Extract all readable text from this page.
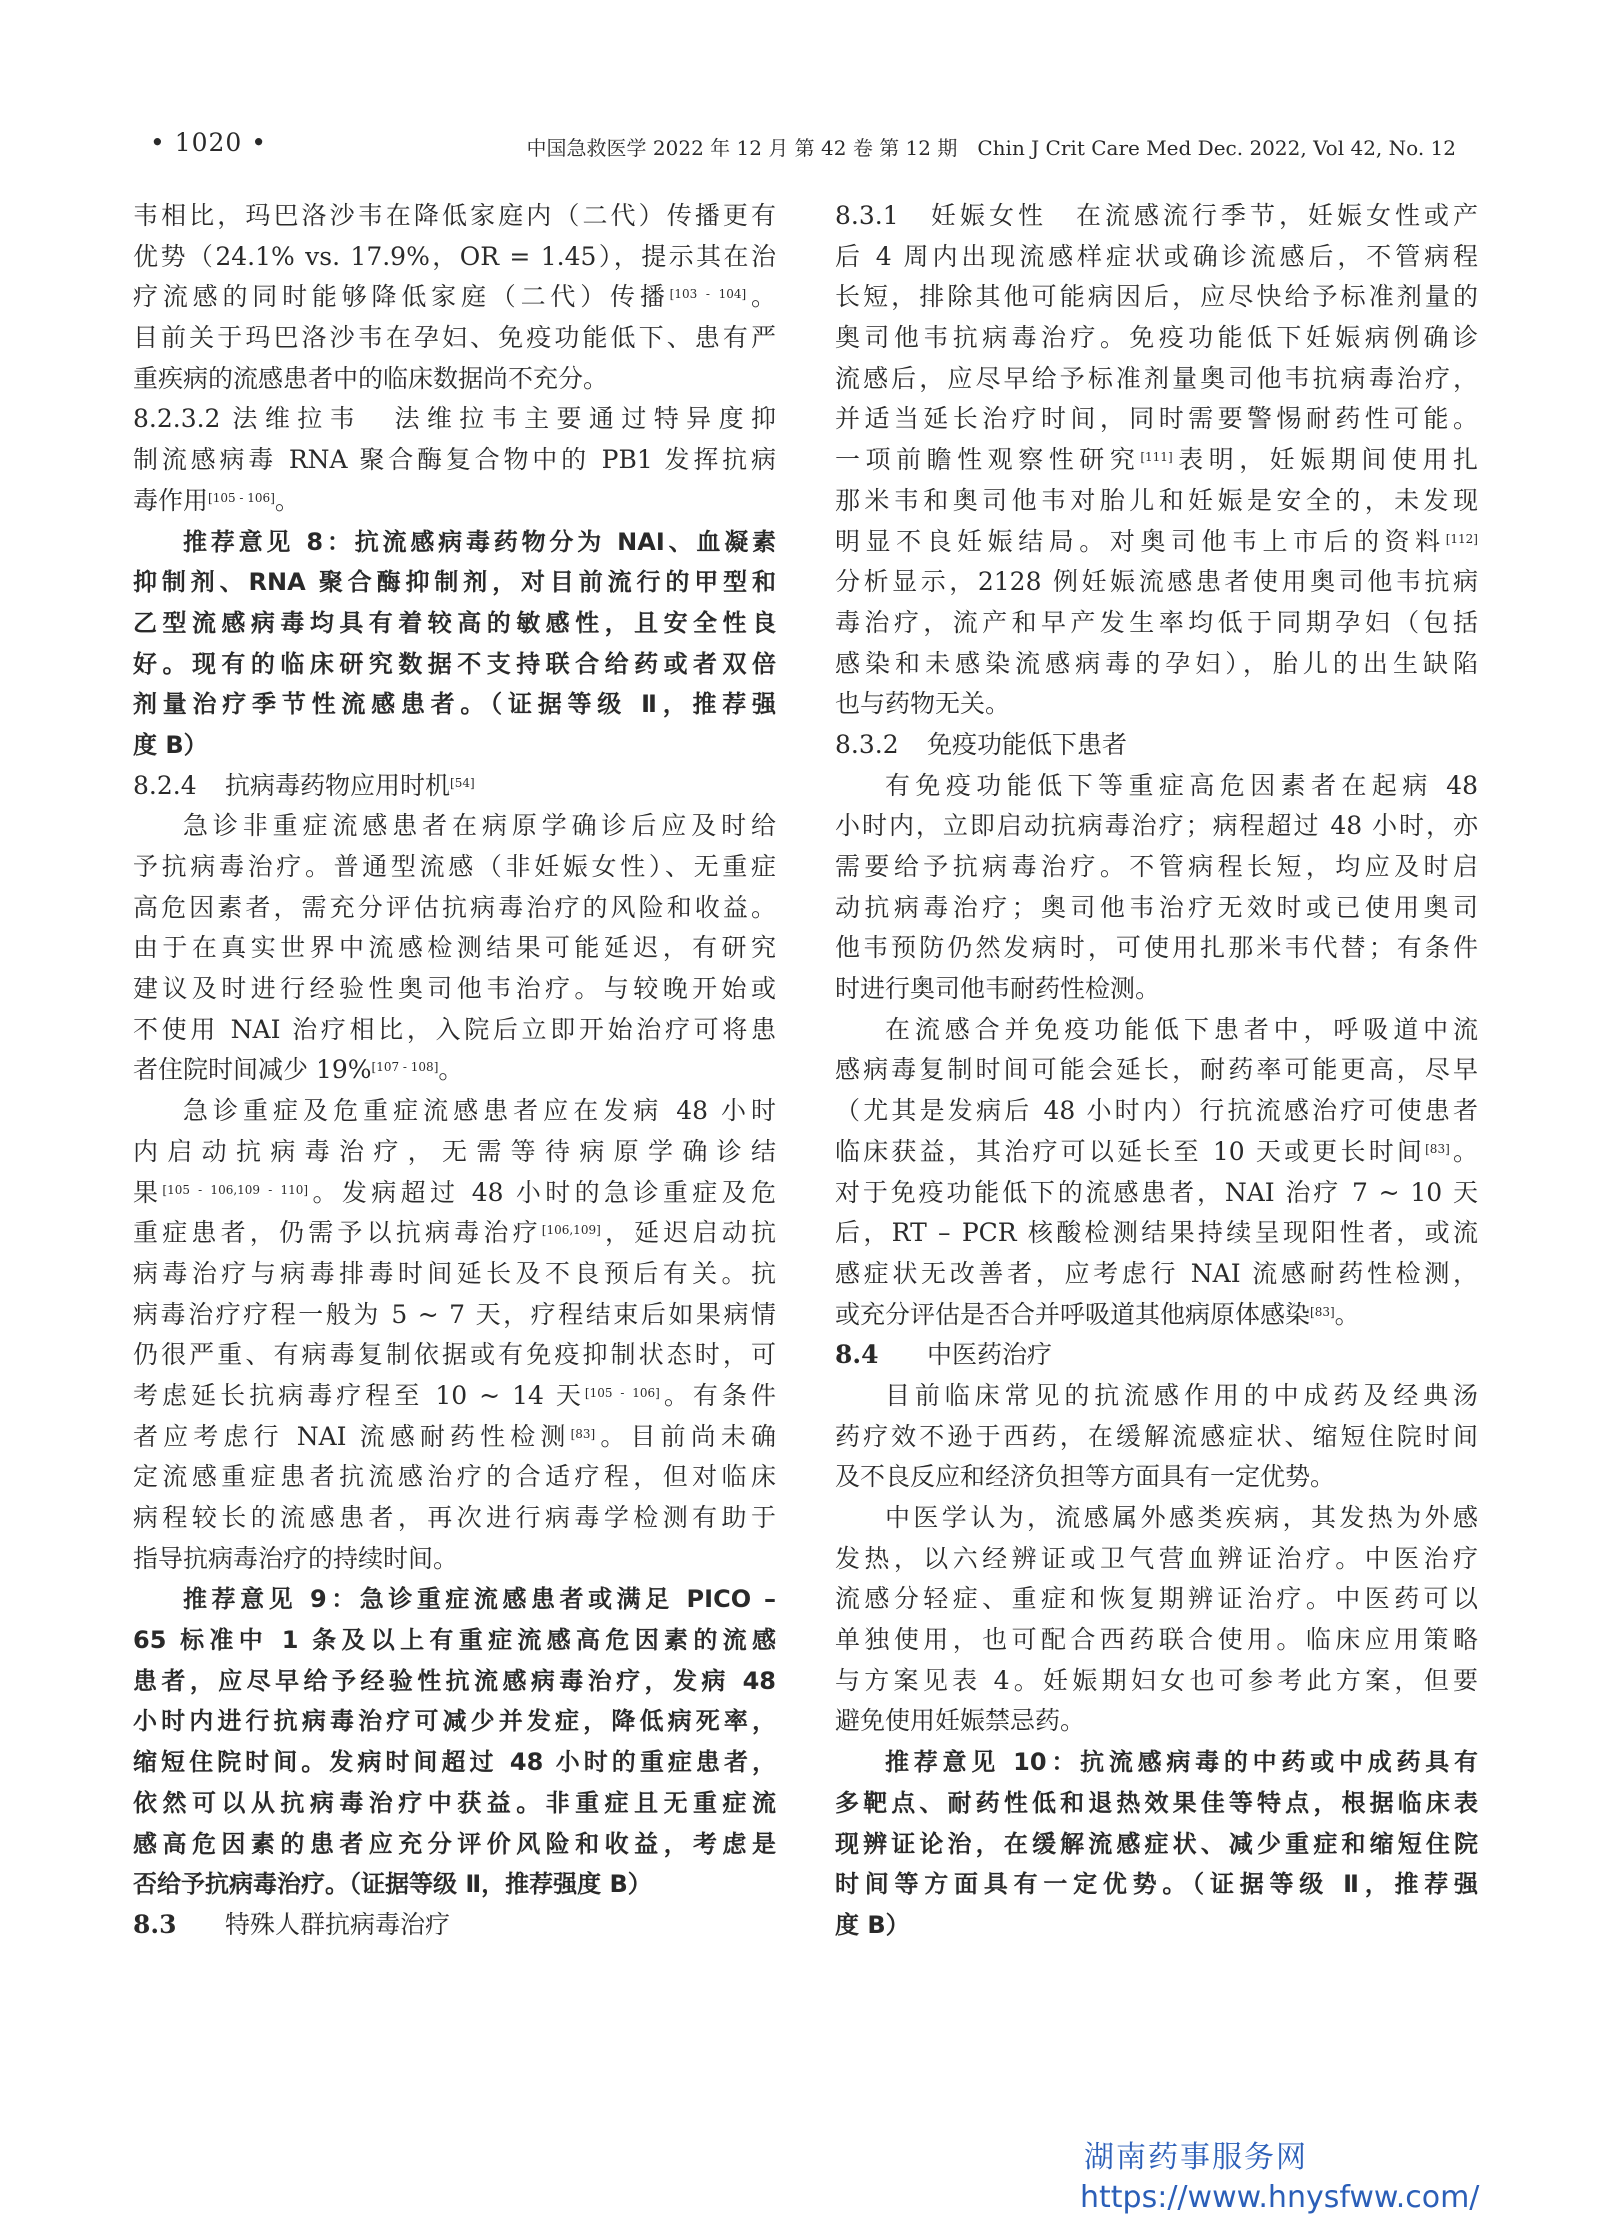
• 1020 •	中国急救医学 2022 年 12 月 第 42 卷 第 12 期　Chin J Crit Care Med Dec. 2022, Vol 42, No. 12
韦相比，玛巴洛沙韦在降低家庭内（二代）传播更有
优势（24.1% vs. 17.9%，OR = 1.45），提示其在治
疗流感的同时能够降低家庭（二代）传播[103 - 104]。
目前关于玛巴洛沙韦在孕妇、免疫功能低下、患有严
重疾病的流感患者中的临床数据尚不充分。
8.2.3.2 法维拉韦　法维拉韦主要通过特异度抑
制流感病毒 RNA 聚合酶复合物中的 PB1 发挥抗病
毒作用[105 - 106]。
推荐意见 8：抗流感病毒药物分为 NAI、血凝素
抑制剂、RNA 聚合酶抑制剂，对目前流行的甲型和
乙型流感病毒均具有着较高的敏感性，且安全性良
好。现有的临床研究数据不支持联合给药或者双倍
剂量治疗季节性流感患者。（证据等级 Ⅱ，推荐强
度 B）
8.2.4 抗病毒药物应用时机[54]
急诊非重症流感患者在病原学确诊后应及时给
予抗病毒治疗。普通型流感（非妊娠女性）、无重症
高危因素者，需充分评估抗病毒治疗的风险和收益。
由于在真实世界中流感检测结果可能延迟，有研究
建议及时进行经验性奥司他韦治疗。与较晚开始或
不使用 NAI 治疗相比，入院后立即开始治疗可将患
者住院时间减少 19%[107 - 108]。
急诊重症及危重症流感患者应在发病 48 小时
内启动抗病毒治疗，无需等待病原学确诊结
果[105 - 106,109 - 110]。发病超过 48 小时的急诊重症及危
重症患者，仍需予以抗病毒治疗[106,109]，延迟启动抗
病毒治疗与病毒排毒时间延长及不良预后有关。抗
病毒治疗疗程一般为 5 ~ 7 天，疗程结束后如果病情
仍很严重、有病毒复制依据或有免疫抑制状态时，可
考虑延长抗病毒疗程至 10 ~ 14 天[105 - 106]。有条件
者应考虑行 NAI 流感耐药性检测[83]。目前尚未确
定流感重症患者抗流感治疗的合适疗程，但对临床
病程较长的流感患者，再次进行病毒学检测有助于
指导抗病毒治疗的持续时间。
推荐意见 9：急诊重症流感患者或满足 PICO –
65 标准中 1 条及以上有重症流感高危因素的流感
患者，应尽早给予经验性抗流感病毒治疗，发病 48
小时内进行抗病毒治疗可减少并发症，降低病死率，
缩短住院时间。发病时间超过 48 小时的重症患者，
依然可以从抗病毒治疗中获益。非重症且无重症流
感高危因素的患者应充分评价风险和收益，考虑是
否给予抗病毒治疗。（证据等级 Ⅱ，推荐强度 B）
8.3 特殊人群抗病毒治疗
8.3.1 妊娠女性　在流感流行季节，妊娠女性或产
后 4 周内出现流感样症状或确诊流感后，不管病程
长短，排除其他可能病因后，应尽快给予标准剂量的
奥司他韦抗病毒治疗。免疫功能低下妊娠病例确诊
流感后，应尽早给予标准剂量奥司他韦抗病毒治疗，
并适当延长治疗时间，同时需要警惕耐药性可能。
一项前瞻性观察性研究[111]表明，妊娠期间使用扎
那米韦和奥司他韦对胎儿和妊娠是安全的，未发现
明显不良妊娠结局。对奥司他韦上市后的资料[112]
分析显示，2128 例妊娠流感患者使用奥司他韦抗病
毒治疗，流产和早产发生率均低于同期孕妇（包括
感染和未感染流感病毒的孕妇），胎儿的出生缺陷
也与药物无关。
8.3.2 免疫功能低下患者
有免疫功能低下等重症高危因素者在起病 48
小时内，立即启动抗病毒治疗；病程超过 48 小时，亦
需要给予抗病毒治疗。不管病程长短，均应及时启
动抗病毒治疗；奥司他韦治疗无效时或已使用奥司
他韦预防仍然发病时，可使用扎那米韦代替；有条件
时进行奥司他韦耐药性检测。
在流感合并免疫功能低下患者中，呼吸道中流
感病毒复制时间可能会延长，耐药率可能更高，尽早
（尤其是发病后 48 小时内）行抗流感治疗可使患者
临床获益，其治疗可以延长至 10 天或更长时间[83]。
对于免疫功能低下的流感患者，NAI 治疗 7 ~ 10 天
后，RT – PCR 核酸检测结果持续呈现阳性者，或流
感症状无改善者，应考虑行 NAI 流感耐药性检测，
或充分评估是否合并呼吸道其他病原体感染[83]。
8.4 中医药治疗
目前临床常见的抗流感作用的中成药及经典汤
药疗效不逊于西药，在缓解流感症状、缩短住院时间
及不良反应和经济负担等方面具有一定优势。
中医学认为，流感属外感类疾病，其发热为外感
发热，以六经辨证或卫气营血辨证治疗。中医治疗
流感分轻症、重症和恢复期辨证治疗。中医药可以
单独使用，也可配合西药联合使用。临床应用策略
与方案见表 4。妊娠期妇女也可参考此方案，但要
避免使用妊娠禁忌药。
推荐意见 10：抗流感病毒的中药或中成药具有
多靶点、耐药性低和退热效果佳等特点，根据临床表
现辨证论治，在缓解流感症状、减少重症和缩短住院
时间等方面具有一定优势。（证据等级 Ⅱ，推荐强
度 B）
湖南药事服务网
https://www.hnysfww.com/
